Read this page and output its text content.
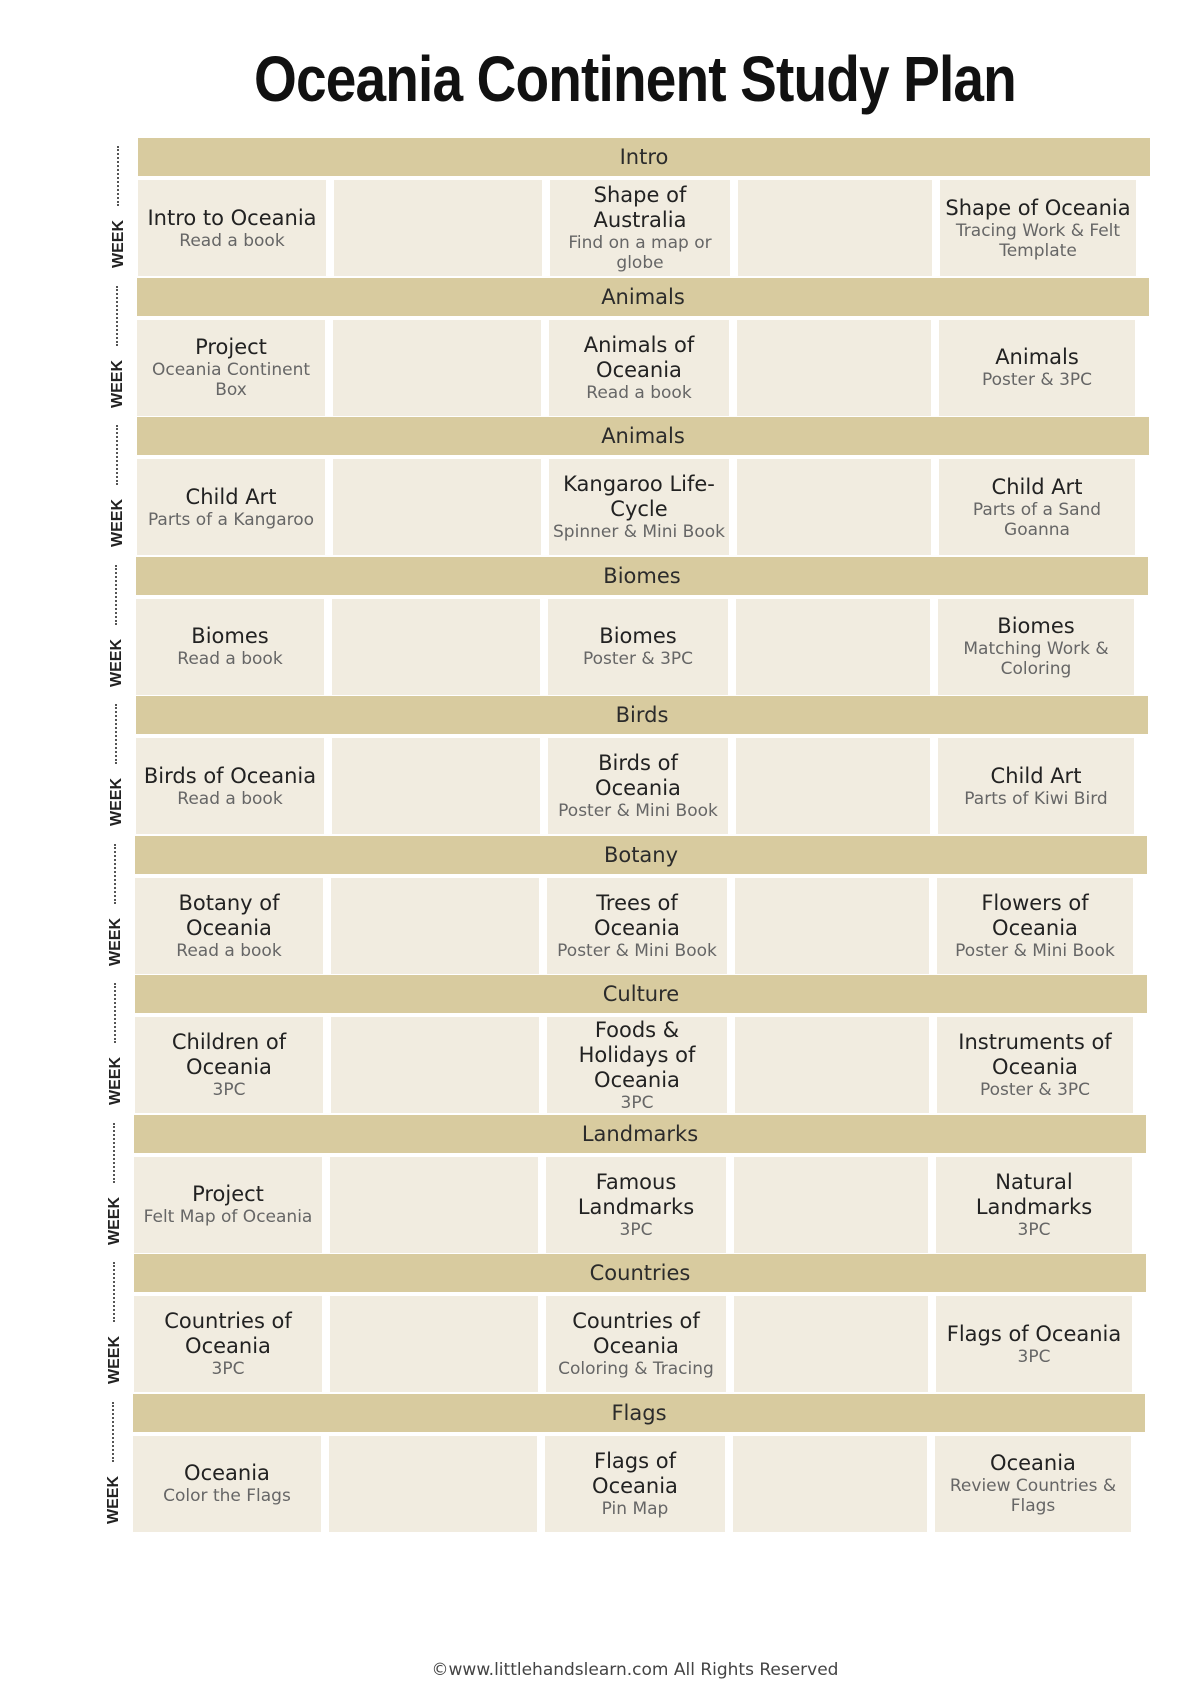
Oceania Continent Study Plan
WEEK
Intro
Intro to Oceania
Read a book
Shape of Australia
Find on a map or globe
Shape of Oceania
Tracing Work & Felt Template
WEEK
Animals
Project
Oceania Continent Box
Animals of Oceania
Read a book
Animals
Poster & 3PC
WEEK
Animals
Child Art
Parts of a Kangaroo
Kangaroo Life-Cycle
Spinner & Mini Book
Child Art
Parts of a Sand Goanna
WEEK
Biomes
Biomes
Read a book
Biomes
Poster & 3PC
Biomes
Matching Work & Coloring
WEEK
Birds
Birds of Oceania
Read a book
Birds of Oceania
Poster & Mini Book
Child Art
Parts of Kiwi Bird
WEEK
Botany
Botany of Oceania
Read a book
Trees of Oceania
Poster & Mini Book
Flowers of Oceania
Poster & Mini Book
WEEK
Culture
Children of Oceania
3PC
Foods & Holidays of Oceania
3PC
Instruments of Oceania
Poster & 3PC
WEEK
Landmarks
Project
Felt Map of Oceania
Famous Landmarks
3PC
Natural Landmarks
3PC
WEEK
Countries
Countries of Oceania
3PC
Countries of Oceania
Coloring & Tracing
Flags of Oceania
3PC
WEEK
Flags
Oceania
Color the Flags
Flags of Oceania
Pin Map
Oceania
Review Countries & Flags
©www.littlehandslearn.com All Rights Reserved
